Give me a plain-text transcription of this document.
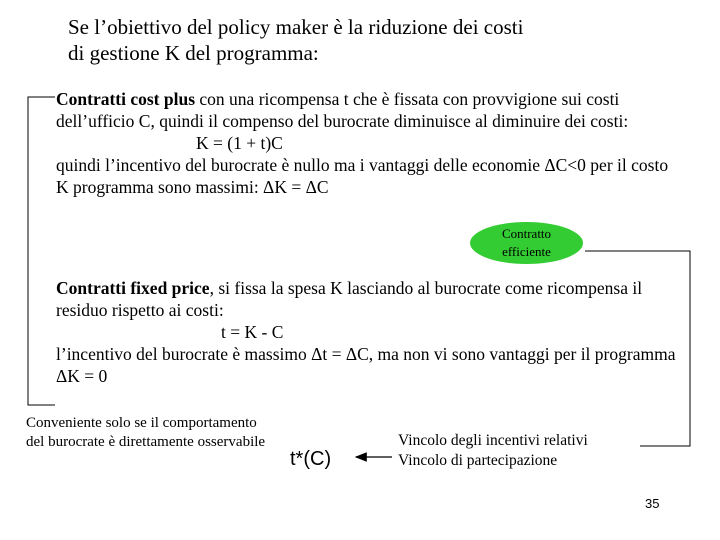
Se l’obiettivo del policy maker è la riduzione dei costi
di gestione K del programma:
Contratti cost plus con una ricompensa t che è fissata con provvigione sui costi dell’ufficio C, quindi il compenso del burocrate diminuisce al diminuire dei costi:
K = (1 + t)C
quindi l’incentivo del burocrate è nullo ma i vantaggi delle economie ΔC<0 per il costo K programma sono massimi: ΔK = ΔC
Contratto
efficiente
Contratti fixed price, si fissa la spesa K lasciando al burocrate come ricompensa il residuo rispetto ai costi:
t = K - C
l’incentivo del burocrate è massimo Δt = ΔC, ma non vi sono vantaggi per il programma ΔK = 0
Conveniente solo se il comportamento del burocrate è direttamente osservabile
t*(C)
Vincolo degli incentivi relativi
Vincolo di partecipazione
35
